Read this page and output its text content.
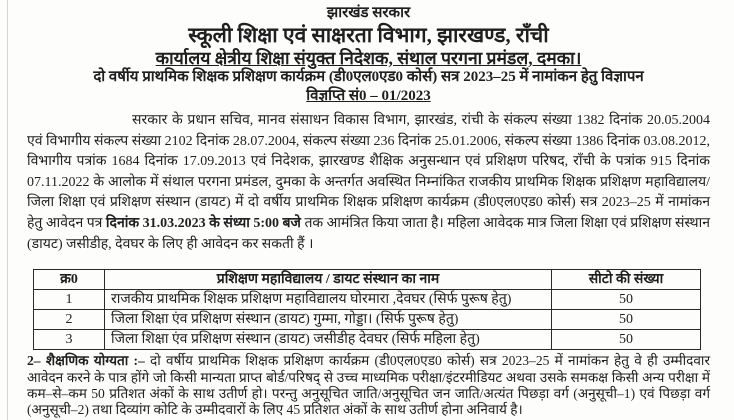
झारखंड सरकार
स्कूली शिक्षा एवं साक्षरता विभाग, झारखण्ड, राँची
कार्यालय क्षेत्रीय शिक्षा संयुक्त निदेशक, संथाल परगना प्रमंडल, दमका।
दो वर्षीय प्राथमिक शिक्षक प्रशिक्षण कार्यक्रम (डी0एल0एड0 कोर्स) सत्र 2023–25 में नामांकन हेतु विज्ञापन
विज्ञप्ति सं0 – 01/2023

सरकार के प्रधान सचिव, मानव संसाधन विकास विभाग, झारखंड, रांची के संकल्प संख्या 1382 दिनांक 20.05.2004 एवं विभागीय संकल्प संख्या 2102 दिनांक 28.07.2004, संकल्प संख्या 236 दिनांक 25.01.2006, संकल्प संख्या 1386 दिनांक 03.08.2012, विभागीय पत्रांक 1684 दिनांक 17.09.2013 एवं निदेशक, झारखण्ड शैक्षिक अनुसन्धान एवं प्रशिक्षण परिषद, राँची के पत्रांक 915 दिनांक 07.11.2022 के आलोक में संथाल परगना प्रमंडल, दुमका के अन्तर्गत अवस्थित निम्नांकित राजकीय प्राथमिक शिक्षक प्रशिक्षण महाविद्यालय/जिला शिक्षा एवं प्रशिक्षण संस्थान (डायट) में दो वर्षीय प्राथमिक शिक्षक प्रशिक्षण कार्यक्रम (डी0एल0एड0 कोर्स) सत्र 2023–25 में नामांकन हेतु आवेदन पत्र दिनांक 31.03.2023 के संध्या 5:00 बजे तक आमंत्रित किया जाता है। महिला आवेदक मात्र जिला शिक्षा एवं प्रशिक्षण संस्थान (डायट) जसीडीह, देवघर के लिए ही आवेदन कर सकती हैं ।

क्र0	प्रशिक्षण महाविद्यालय / डायट संस्थान का नाम	सीटो की संख्या
1	राजकीय प्राथमिक शिक्षक प्रशिक्षण महाविद्यालय घोरमारा ,देवघर (सिर्फ पुरूष हेतु)	50
2	जिला शिक्षा एंव प्रशिक्षण संस्थान (डायट) गुम्मा, गोड्डा। (सिर्फ पुरूष हेतु)	50
3	जिला शिक्षा एंव प्रशिक्षण संस्थान (डायट) जसीडीह देवघर (सिर्फ महिला हेतु)	50

2– शैक्षणिक योग्यता :– दो वर्षीय प्राथमिक शिक्षक प्रशिक्षण कार्यक्रम (डी0एल0एड0 कोर्स) सत्र 2023–25 में नामांकन हेतु वे ही उम्मीदवार आवेदन करने के पात्र होंगे जो किसी मान्यता प्राप्त बोर्ड/परिषद् से उच्च माध्यमिक परीक्षा/इंटरमीडियट अथवा उसके समकक्ष किसी अन्य परीक्षा में कम–से–कम 50 प्रतिशत अंकों के साथ उतीर्ण हो। परन्तु अनुसूचित जाति/अनुसूचित जन जाति/अत्यंत पिछड़ा वर्ग (अनुसूची–1) एवं पिछड़ा वर्ग (अनुसूची–2) तथा दिव्यांग कोटि के उम्मीदवारों के लिए 45 प्रतिशत अंकों के साथ उतीर्ण होना अनिवार्य है।
